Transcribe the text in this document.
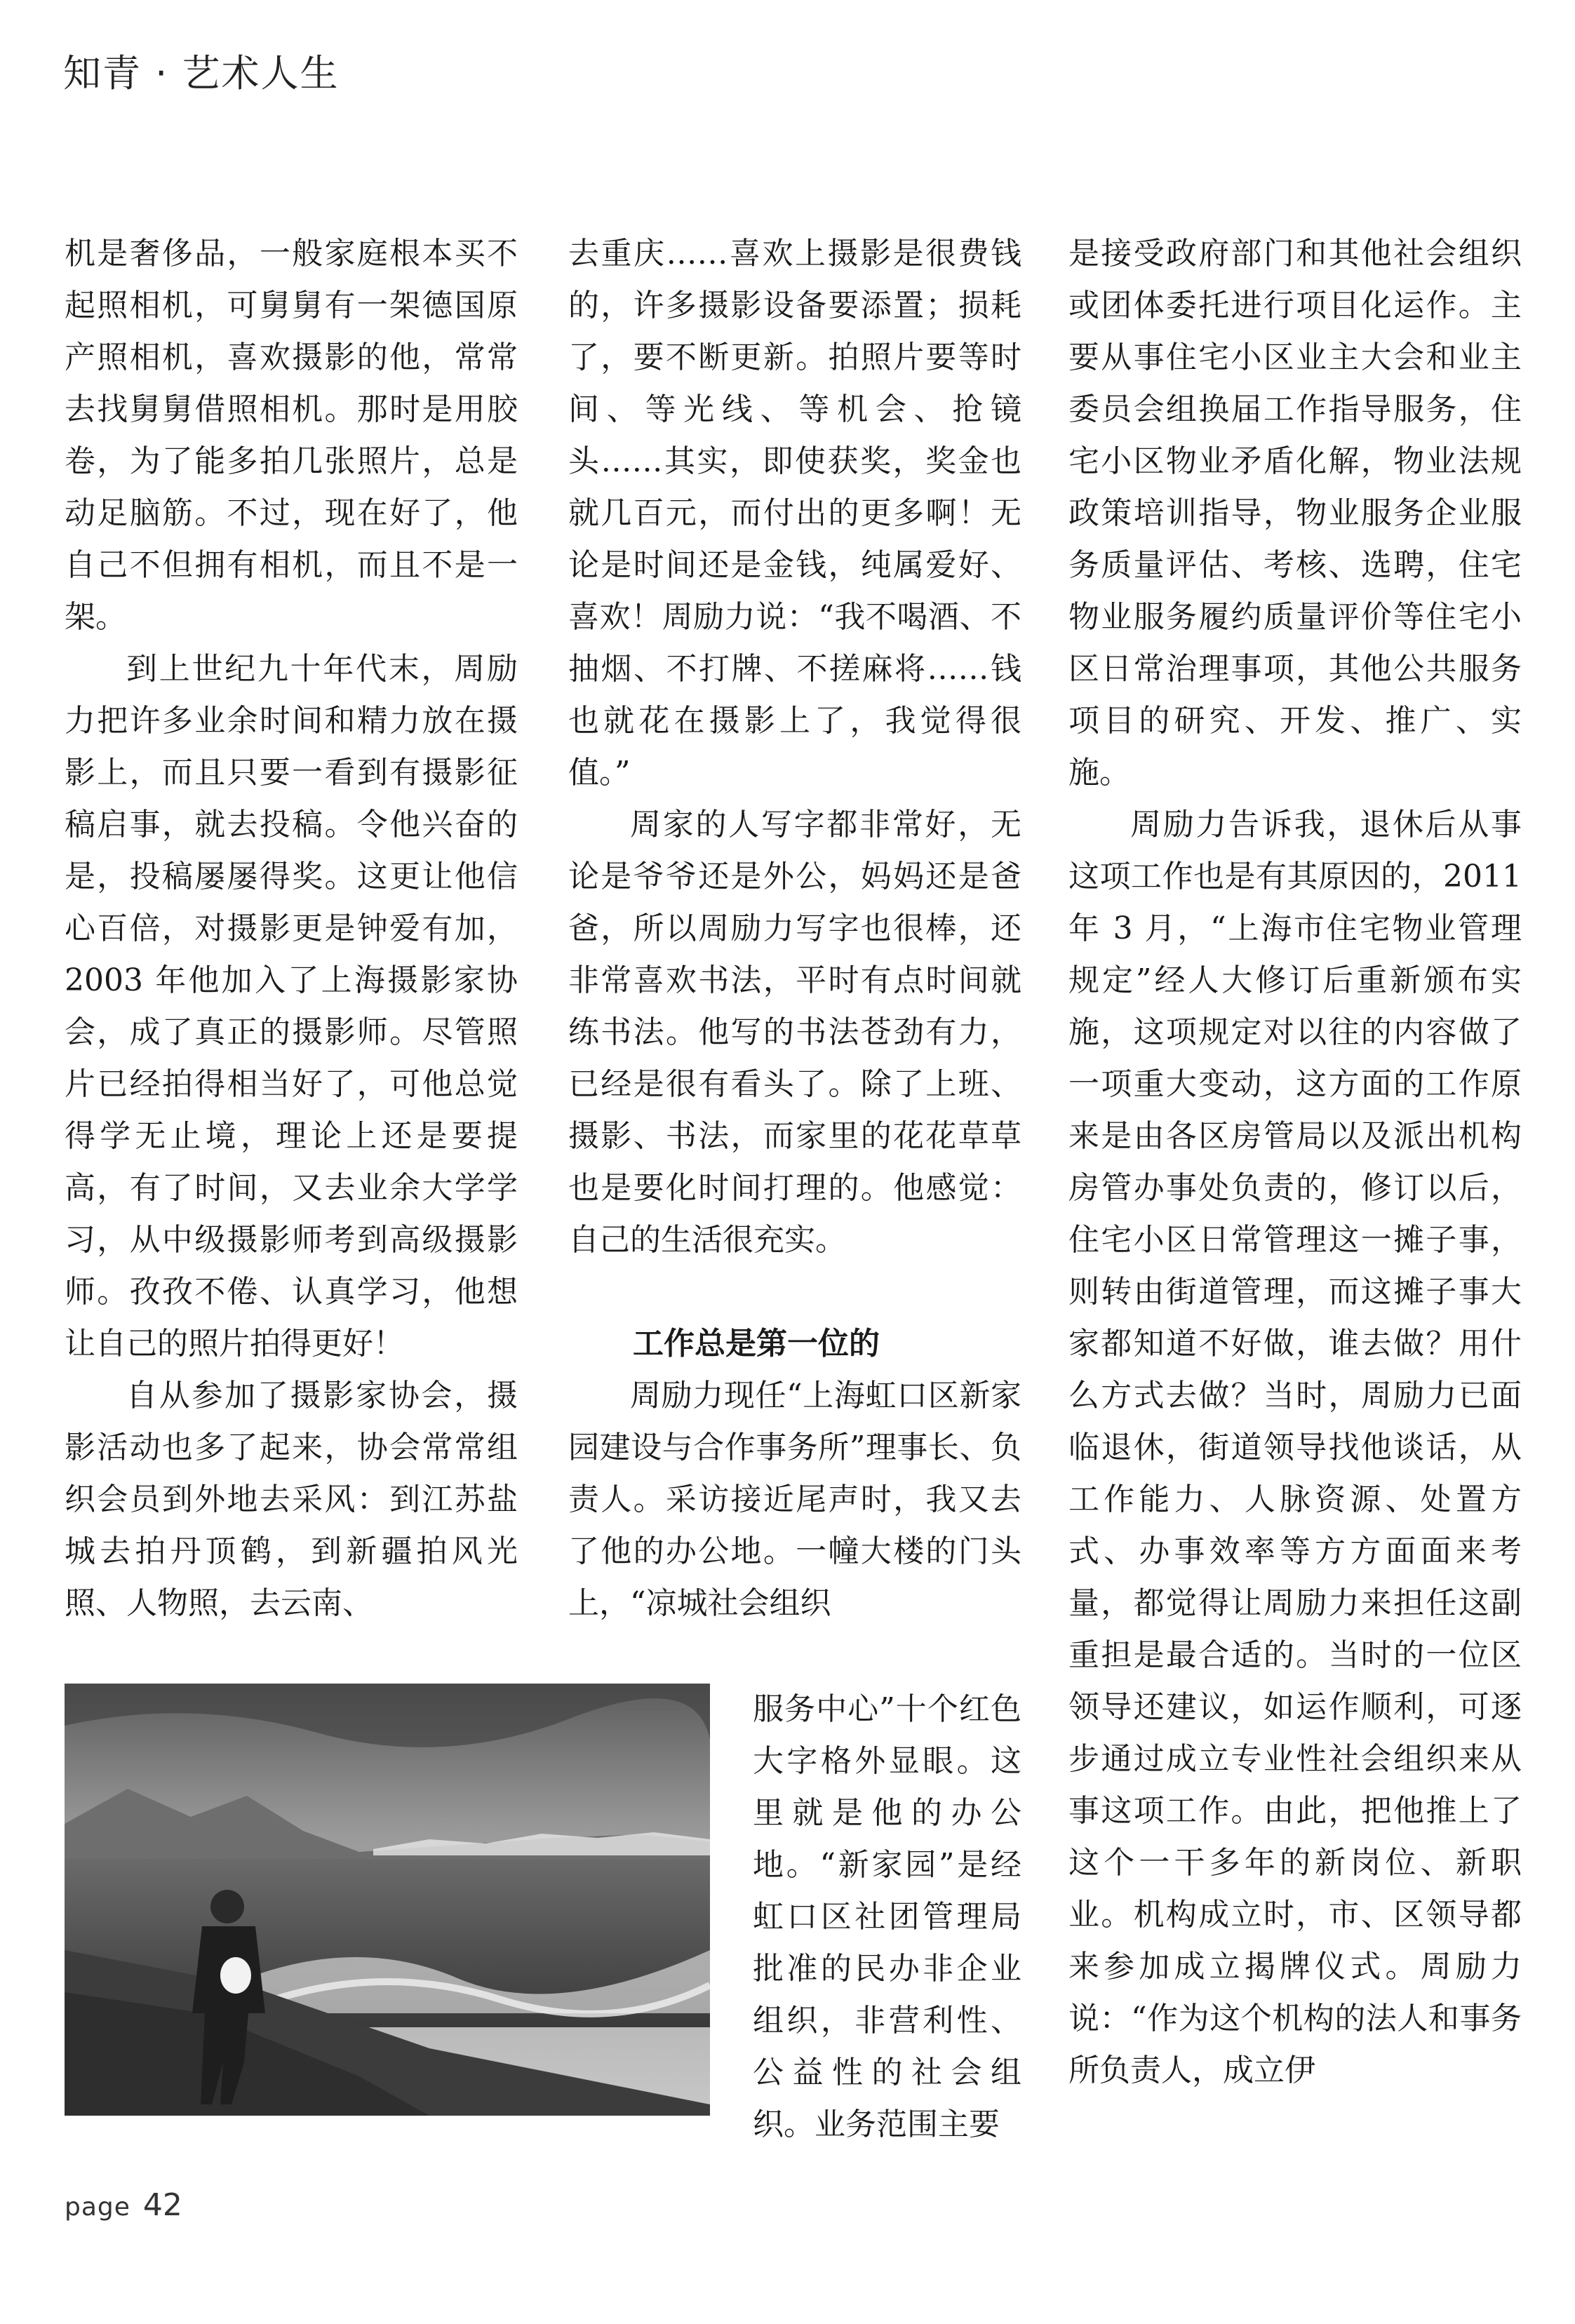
知青 · 艺术人生

机是奢侈品，一般家庭根本买不起照相机，可舅舅有一架德国原产照相机，喜欢摄影的他，常常去找舅舅借照相机。那时是用胶卷，为了能多拍几张照片，总是动足脑筋。不过，现在好了，他自己不但拥有相机，而且不是一架。

到上世纪九十年代末，周励力把许多业余时间和精力放在摄影上，而且只要一看到有摄影征稿启事，就去投稿。令他兴奋的是，投稿屡屡得奖。这更让他信心百倍，对摄影更是钟爱有加，2003 年他加入了上海摄影家协会，成了真正的摄影师。尽管照片已经拍得相当好了，可他总觉得学无止境，理论上还是要提高，有了时间，又去业余大学学习，从中级摄影师考到高级摄影师。孜孜不倦、认真学习，他想让自己的照片拍得更好！

自从参加了摄影家协会，摄影活动也多了起来，协会常常组织会员到外地去采风：到江苏盐城去拍丹顶鹤，到新疆拍风光照、人物照，去云南、

去重庆……喜欢上摄影是很费钱的，许多摄影设备要添置；损耗了，要不断更新。拍照片要等时间、等光线、等机会、抢镜头……其实，即使获奖，奖金也就几百元，而付出的更多啊！无论是时间还是金钱，纯属爱好、喜欢！周励力说：“我不喝酒、不抽烟、不打牌、不搓麻将……钱也就花在摄影上了，我觉得很值。”

周家的人写字都非常好，无论是爷爷还是外公，妈妈还是爸爸，所以周励力写字也很棒，还非常喜欢书法，平时有点时间就练书法。他写的书法苍劲有力，已经是很有看头了。除了上班、摄影、书法，而家里的花花草草也是要化时间打理的。他感觉：自己的生活很充实。

工作总是第一位的

周励力现任“上海虹口区新家园建设与合作事务所”理事长、负责人。采访接近尾声时，我又去了他的办公地。一幢大楼的门头上，“凉城社会组织

服务中心”十个红色大字格外显眼。这里就是他的办公地。“新家园”是经虹口区社团管理局批准的民办非企业组织，非营利性、公益性的社会组织。业务范围主要

是接受政府部门和其他社会组织或团体委托进行项目化运作。主要从事住宅小区业主大会和业主委员会组换届工作指导服务，住宅小区物业矛盾化解，物业法规政策培训指导，物业服务企业服务质量评估、考核、选聘，住宅物业服务履约质量评价等住宅小区日常治理事项，其他公共服务项目的研究、开发、推广、实施。

周励力告诉我，退休后从事这项工作也是有其原因的，2011 年 3 月，“上海市住宅物业管理规定”经人大修订后重新颁布实施，这项规定对以往的内容做了一项重大变动，这方面的工作原来是由各区房管局以及派出机构房管办事处负责的，修订以后，住宅小区日常管理这一摊子事，则转由街道管理，而这摊子事大家都知道不好做，谁去做？用什么方式去做？当时，周励力已面临退休，街道领导找他谈话，从工作能力、人脉资源、处置方式、办事效率等方方面面来考量，都觉得让周励力来担任这副重担是最合适的。当时的一位区领导还建议，如运作顺利，可逐步通过成立专业性社会组织来从事这项工作。由此，把他推上了这个一干多年的新岗位、新职业。机构成立时，市、区领导都来参加成立揭牌仪式。周励力说：“作为这个机构的法人和事务所负责人，成立伊

page 42
